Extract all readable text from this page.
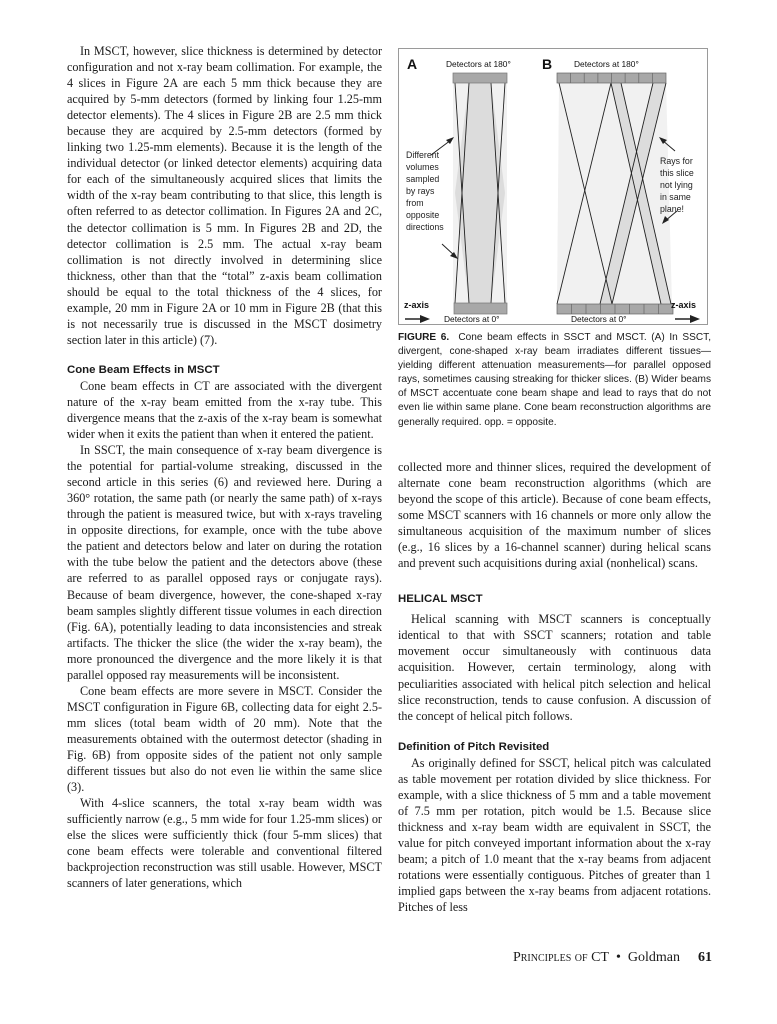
In MSCT, however, slice thickness is determined by detector configuration and not x-ray beam collimation. For example, the 4 slices in Figure 2A are each 5 mm thick because they are acquired by 5-mm detectors (formed by linking four 1.25-mm detector elements). The 4 slices in Figure 2B are 2.5 mm thick because they are acquired by 2.5-mm detectors (formed by linking two 1.25-mm elements). Because it is the length of the individual detector (or linked detector elements) acquiring data for each of the simultaneously acquired slices that limits the width of the x-ray beam contributing to that slice, this length is often referred to as detector collimation. In Figures 2A and 2C, the detector collimation is 5 mm. In Figures 2B and 2D, the detector collimation is 2.5 mm. The actual x-ray beam collimation is not directly involved in determining slice thickness, other than that the “total” z-axis beam collimation should be equal to the total thickness of the 4 slices, for example, 20 mm in Figure 2A or 10 mm in Figure 2B (that this is not necessarily true is discussed in the MSCT dosimetry section later in this article) (7).

Cone Beam Effects in MSCT

Cone beam effects in CT are associated with the divergent nature of the x-ray beam emitted from the x-ray tube. This divergence means that the z-axis of the x-ray beam is somewhat wider when it exits the patient than when it entered the patient.

In SSCT, the main consequence of x-ray beam divergence is the potential for partial-volume streaking, discussed in the second article in this series (6) and reviewed here. During a 360° rotation, the same path (or nearly the same path) of x-rays through the patient is measured twice, but with x-rays traveling in opposite directions, for example, once with the tube above the patient and detectors below and later on during the rotation with the tube below the patient and the detectors above (these are referred to as parallel opposed rays or conjugate rays). Because of beam divergence, however, the cone-shaped x-ray beam samples slightly different tissue volumes in each direction (Fig. 6A), potentially leading to data inconsistencies and streak artifacts. The thicker the slice (the wider the x-ray beam), the more pronounced the divergence and the more likely it is that parallel opposed ray measurements will be inconsistent.

Cone beam effects are more severe in MSCT. Consider the MSCT configuration in Figure 6B, collecting data for eight 2.5-mm slices (total beam width of 20 mm). Note that the measurements obtained with the outermost detector (shading in Fig. 6B) from opposite sides of the patient not only sample different tissues but also do not even lie within the same slice (3).

With 4-slice scanners, the total x-ray beam width was sufficiently narrow (e.g., 5 mm wide for four 1.25-mm slices) or else the slices were sufficiently thick (four 5-mm slices) that cone beam effects were tolerable and conventional filtered backprojection reconstruction was still usable. However, MSCT scanners of later generations, which

A	Detectors at 180°
Detectors at 0°
z-axis
B	Detectors at 180°
Detectors at 0°
z-axis
Different
volumes
sampled
by rays
from
opposite
directions
Rays for
this slice
not lying
in same
plane!
FIGURE 6. Cone beam effects in SSCT and MSCT. (A) In SSCT, divergent, cone-shaped x-ray beam irradiates different tissues—yielding different attenuation measurements—for parallel opposed rays, sometimes causing streaking for thicker slices. (B) Wider beams of MSCT accentuate cone beam shape and lead to rays that do not even lie within same plane. Cone beam reconstruction algorithms are generally required. opp. = opposite.

collected more and thinner slices, required the development of alternate cone beam reconstruction algorithms (which are beyond the scope of this article). Because of cone beam effects, some MSCT scanners with 16 channels or more only allow the simultaneous acquisition of the maximum number of slices (e.g., 16 slices by a 16-channel scanner) during helical scans and prevent such acquisitions during axial (nonhelical) scans.

HELICAL MSCT

Helical scanning with MSCT scanners is conceptually identical to that with SSCT scanners; rotation and table movement occur simultaneously with continuous data acquisition. However, certain terminology, along with peculiarities associated with helical pitch selection and helical slice reconstruction, tends to cause confusion. A discussion of the concept of helical pitch follows.

Definition of Pitch Revisited

As originally defined for SSCT, helical pitch was calculated as table movement per rotation divided by slice thickness. For example, with a slice thickness of 5 mm and a table movement of 7.5 mm per rotation, pitch would be 1.5. Because slice thickness and x-ray beam width are equivalent in SSCT, the value for pitch conveyed important information about the x-ray beam; a pitch of 1.0 meant that the x-ray beams from adjacent rotations were essentially contiguous. Pitches of greater than 1 implied gaps between the x-ray beams from adjacent rotations. Pitches of less

Principles of CT • Goldman 61
